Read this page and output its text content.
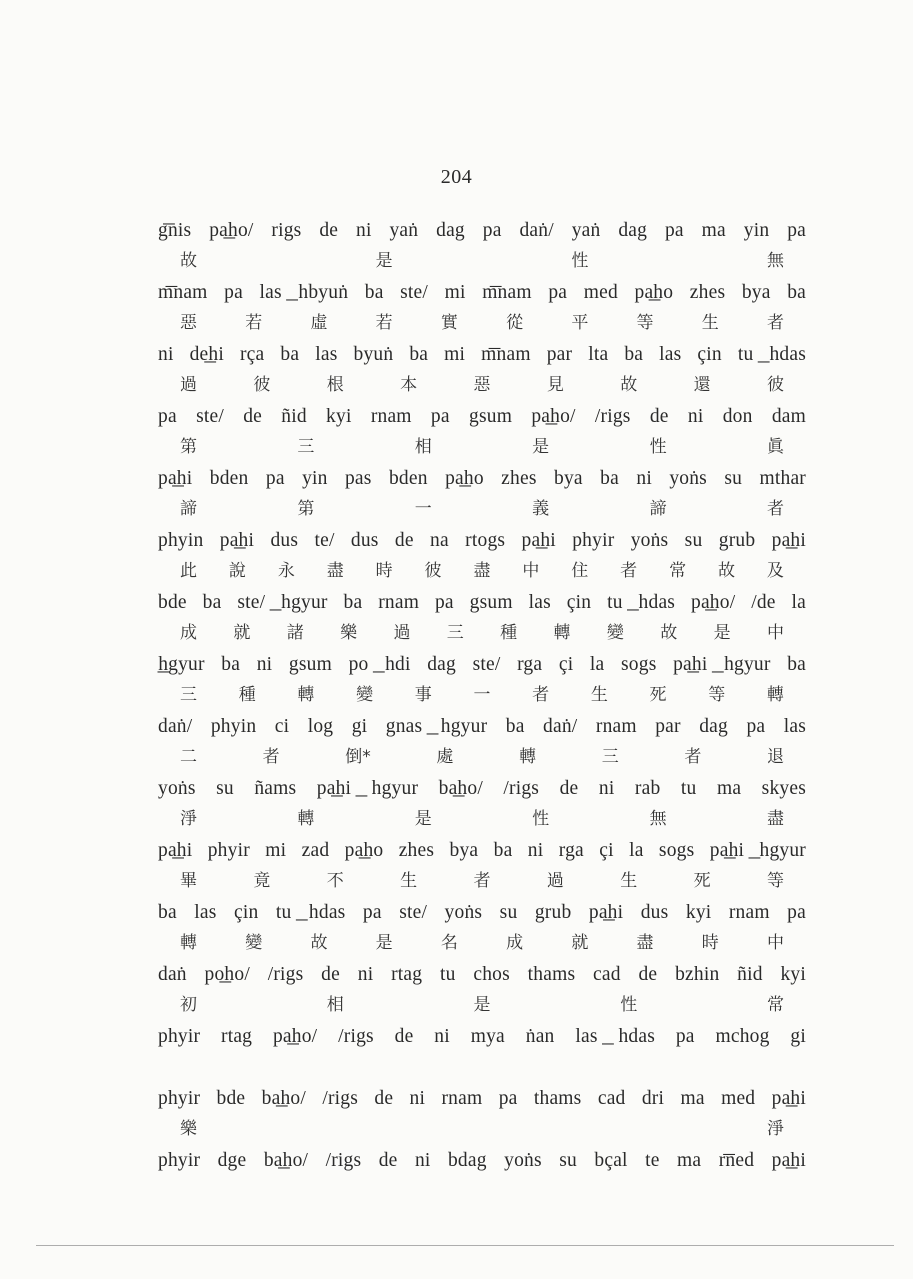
204
g͞nis pa͟ho/ rigs de ni yaṅ dag pa daṅ/ yaṅ dag pa ma yin pa
故	是	性	無
m͞nam pa las ͟hbyuṅ ba ste/ mi m͞nam pa med pa͟ho zhes bya ba
惡	若	虛	若	實	從	平	等	生	者
ni de͟hi rça ba las byuṅ ba mi m͞nam par lta ba las çin tu ͟hdas
過	彼	根	本	惡	見	故	還	彼
pa ste/ de ñid kyi rnam pa gsum pa͟ho/ /rigs de ni don dam
第	三	相	是	性	眞
pa͟hi bden pa yin pas bden pa͟ho zhes bya ba ni yoṅs su mthar
諦	第	一	義	諦	者
phyin pa͟hi dus te/ dus de na rtogs pa͟hi phyir yoṅs su grub pa͟hi
此 說 永 盡 時 彼 盡 中 住 者 常 故 及
bde ba ste/ ͟hgyur ba rnam pa gsum las çin tu ͟hdas pa͟ho/ /de la
成 就 諸 樂 過 三 種 轉 變 故 是 中
͟hgyur ba ni gsum po ͟hdi dag ste/ rga çi la sogs pa͟hi ͟hgyur ba
三 種 轉 變 事 一 者 生 死 等 轉
daṅ/ phyin ci log gi gnas ͟hgyur ba daṅ/ rnam par dag pa las
二	者	倒*	處	轉	三	者	退
yoṅs su ñams pa͟hi ͟hgyur ba͟ho/ /rigs de ni rab tu ma skyes
淨	轉	是	性	無	盡
pa͟hi phyir mi zad pa͟ho zhes bya ba ni rga çi la sogs pa͟hi ͟hgyur
畢	竟	不	生	者	過	生	死	等
ba las çin tu ͟hdas pa ste/ yoṅs su grub pa͟hi dus kyi rnam pa
轉	變	故	是	名	成	就	盡	時	中
daṅ po͟ho/ /rigs de ni rtag tu chos thams cad de bzhin ñid kyi
初	相	是	性	常
phyir rtag pa͟ho/ /rigs de ni mya ṅan las ͟hdas pa mchog gi
phyir bde ba͟ho/ /rigs de ni rnam pa thams cad dri ma med pa͟hi
樂	淨
phyir dge ba͟ho/ /rigs de ni bdag yoṅs su bçal te ma r͞ned pa͟hi
